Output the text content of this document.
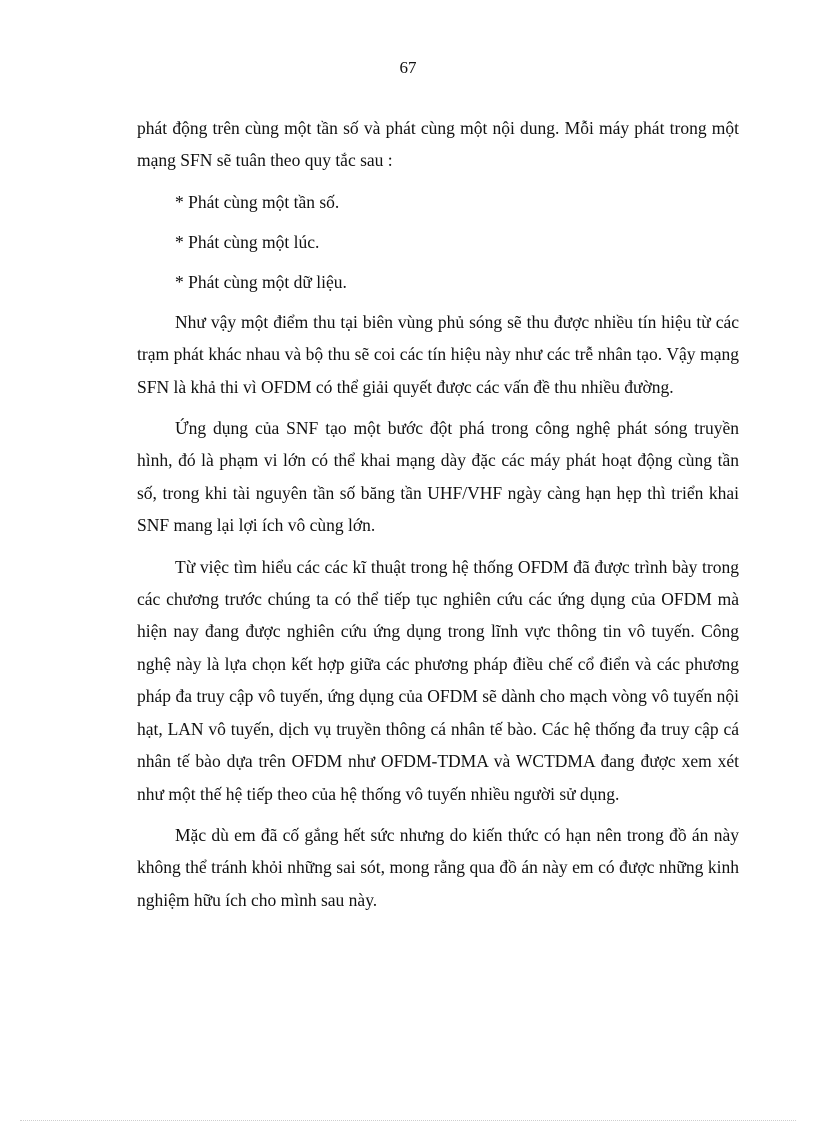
67

phát động trên cùng một tần số và phát cùng một nội dung. Mỗi máy phát trong một mạng SFN sẽ tuân theo quy tắc sau :

* Phát cùng một tần số.

* Phát cùng một lúc.

* Phát cùng một dữ liệu.

Như vậy một điểm thu tại biên vùng phủ sóng sẽ thu được nhiều tín hiệu từ các trạm phát khác nhau và bộ thu sẽ coi các tín hiệu này như các trễ nhân tạo. Vậy mạng SFN là khả thi vì OFDM có thể giải quyết được các vấn đề thu nhiều đường.

Ứng dụng của SNF tạo một bước đột phá trong công nghệ phát sóng truyền hình, đó là phạm vi lớn có thể khai mạng dày đặc các máy phát hoạt động cùng tần số, trong khi tài nguyên tần số băng tần UHF/VHF ngày càng hạn hẹp thì triển khai SNF mang lại lợi ích vô cùng lớn.

Từ việc tìm hiểu các các kĩ thuật trong hệ thống OFDM đã được trình bày trong các chương trước chúng ta có thể tiếp tục nghiên cứu các ứng dụng của OFDM mà hiện nay đang được nghiên cứu ứng dụng trong lĩnh vực thông tin vô tuyến. Công nghệ này là lựa chọn kết hợp giữa các phương pháp điều chế cổ điển và các phương pháp đa truy cập vô tuyến, ứng dụng của OFDM sẽ dành cho mạch vòng vô tuyến nội hạt, LAN vô tuyến, dịch vụ truyền thông cá nhân tế bào. Các hệ thống đa truy cập cá nhân tế bào dựa trên OFDM như OFDM-TDMA và WCTDMA đang được xem xét như một thế hệ tiếp theo của hệ thống vô tuyến nhiều người sử dụng.

Mặc dù em đã cố gắng hết sức nhưng do kiến thức có hạn nên trong đồ án này không thể tránh khỏi những sai sót, mong rằng qua đồ án này em có được những kinh nghiệm hữu ích cho mình sau này.
